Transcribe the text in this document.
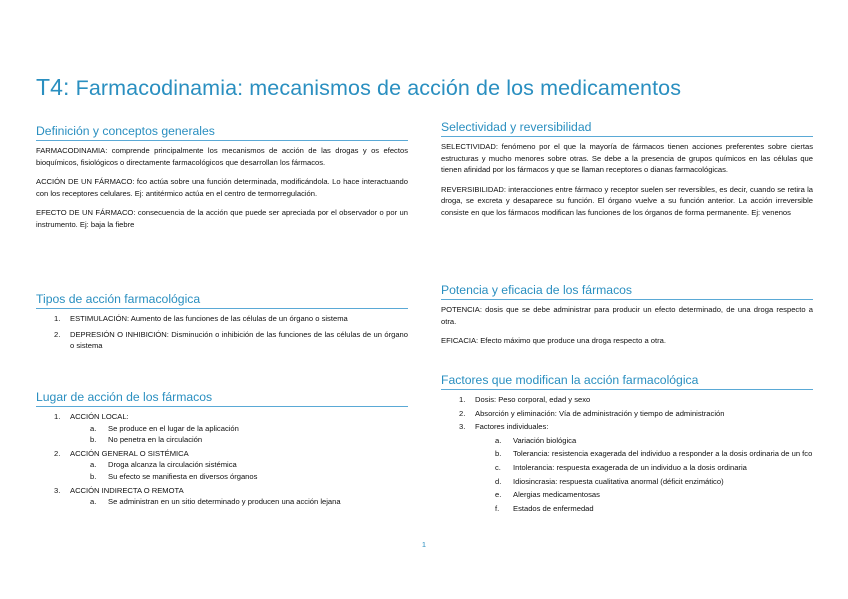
T4: Farmacodinamia: mecanismos de acción de los medicamentos
Definición y conceptos generales

FARMACODINAMIA: comprende principalmente los mecanismos de acción de las drogas y os efectos bioquímicos, fisiológicos o directamente farmacológicos que desarrollan los fármacos.

ACCIÓN DE UN FÁRMACO: fco actúa sobre una función determinada, modificándola. Lo hace interactuando con los receptores celulares. Ej: antitérmico actúa en el centro de termorregulación.

EFECTO DE UN FÁRMACO: consecuencia de la acción que puede ser apreciada por el observador o por un instrumento. Ej: baja la fiebre

Tipos de acción farmacológica
1. ESTIMULACIÓN: Aumento de las funciones de las células de un órgano o sistema

2. DEPRESIÓN O INHIBICIÓN: Disminución o inhibición de las funciones de las células de un órgano o sistema

Lugar de acción de los fármacos
1. ACCIÓN LOCAL:
a. Se produce en el lugar de la aplicación
b. No penetra en la circulación
2. ACCIÓN GENERAL O SISTÉMICA
a. Droga alcanza la circulación sistémica
b. Su efecto se manifiesta en diversos órganos
3. ACCIÓN INDIRECTA O REMOTA
a. Se administran en un sitio determinado y producen una acción lejana
Selectividad y reversibilidad

SELECTIVIDAD: fenómeno por el que la mayoría de fármacos tienen acciones preferentes sobre ciertas estructuras y mucho menores sobre otras. Se debe a la presencia de grupos químicos en las células que tienen afinidad por los fármacos y que se llaman receptores o dianas farmacológicas.

REVERSIBILIDAD: interacciones entre fármaco y receptor suelen ser reversibles, es decir, cuando se retira la droga, se excreta y desaparece su función. El órgano vuelve a su función anterior. La acción irreversible consiste en que los fármacos modifican las funciones de los órganos de forma permanente. Ej: venenos

Potencia y eficacia de los fármacos

POTENCIA: dosis que se debe administrar para producir un efecto determinado, de una droga respecto a otra.

EFICACIA: Efecto máximo que produce una droga respecto a otra.

Factores que modifican la acción farmacológica
1. Dosis: Peso corporal, edad y sexo
2. Absorción y eliminación: Vía de administración y tiempo de administración
3. Factores individuales:
a. Variación biológica
b. Tolerancia: resistencia exagerada del individuo a responder a la dosis ordinaria de un fco

c. Intolerancia: respuesta exagerada de un individuo a la dosis ordinaria
d. Idiosincrasia: respuesta cualitativa anormal (déficit enzimático)
e. Alergias medicamentosas
f. Estados de enfermedad
1
